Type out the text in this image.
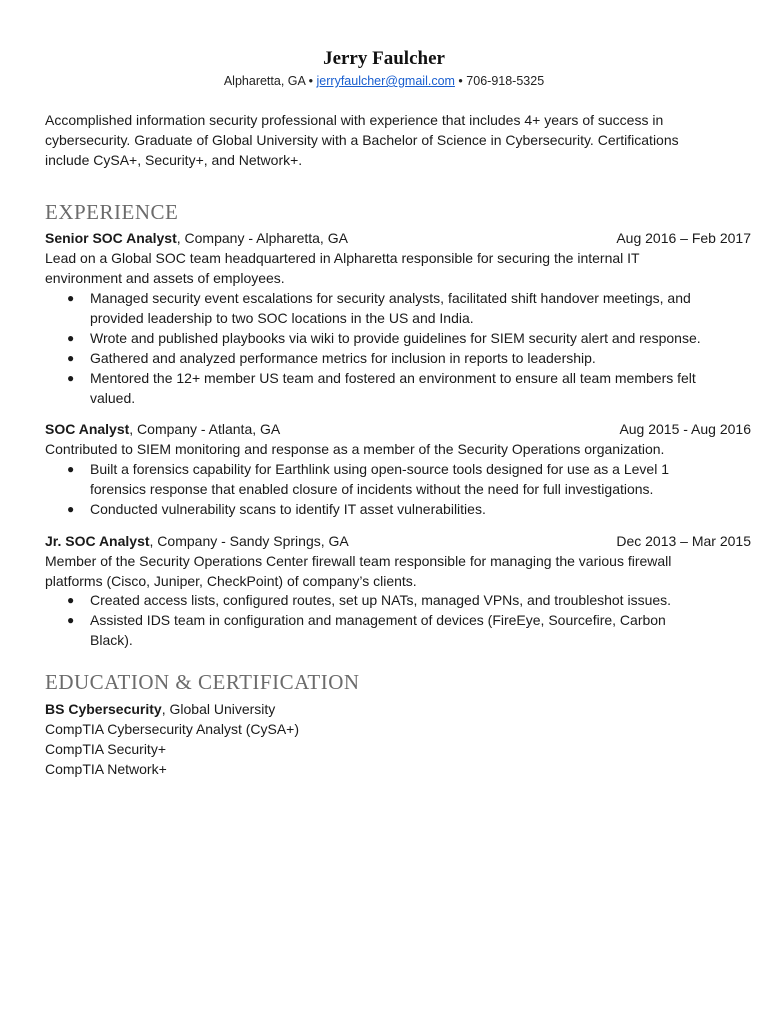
Jerry Faulcher
Alpharetta, GA • jerryfaulcher@gmail.com • 706-918-5325
Accomplished information security professional with experience that includes 4+ years of success in cybersecurity. Graduate of Global University with a Bachelor of Science in Cybersecurity. Certifications include CySA+, Security+, and Network+.
EXPERIENCE
Senior SOC Analyst, Company - Alpharetta, GA	Aug 2016 – Feb 2017
Lead on a Global SOC team headquartered in Alpharetta responsible for securing the internal IT environment and assets of employees.
● Managed security event escalations for security analysts, facilitated shift handover meetings, and provided leadership to two SOC locations in the US and India.
● Wrote and published playbooks via wiki to provide guidelines for SIEM security alert and response.
● Gathered and analyzed performance metrics for inclusion in reports to leadership.
● Mentored the 12+ member US team and fostered an environment to ensure all team members felt valued.
SOC Analyst, Company - Atlanta, GA	Aug 2015 - Aug 2016
Contributed to SIEM monitoring and response as a member of the Security Operations organization.
● Built a forensics capability for Earthlink using open-source tools designed for use as a Level 1 forensics response that enabled closure of incidents without the need for full investigations.
● Conducted vulnerability scans to identify IT asset vulnerabilities.
Jr. SOC Analyst, Company - Sandy Springs, GA	Dec 2013 – Mar 2015
Member of the Security Operations Center firewall team responsible for managing the various firewall platforms (Cisco, Juniper, CheckPoint) of company’s clients.
● Created access lists, configured routes, set up NATs, managed VPNs, and troubleshot issues.
● Assisted IDS team in configuration and management of devices (FireEye, Sourcefire, Carbon Black).
EDUCATION & CERTIFICATION
BS Cybersecurity, Global University
CompTIA Cybersecurity Analyst (CySA+)
CompTIA Security+
CompTIA Network+
